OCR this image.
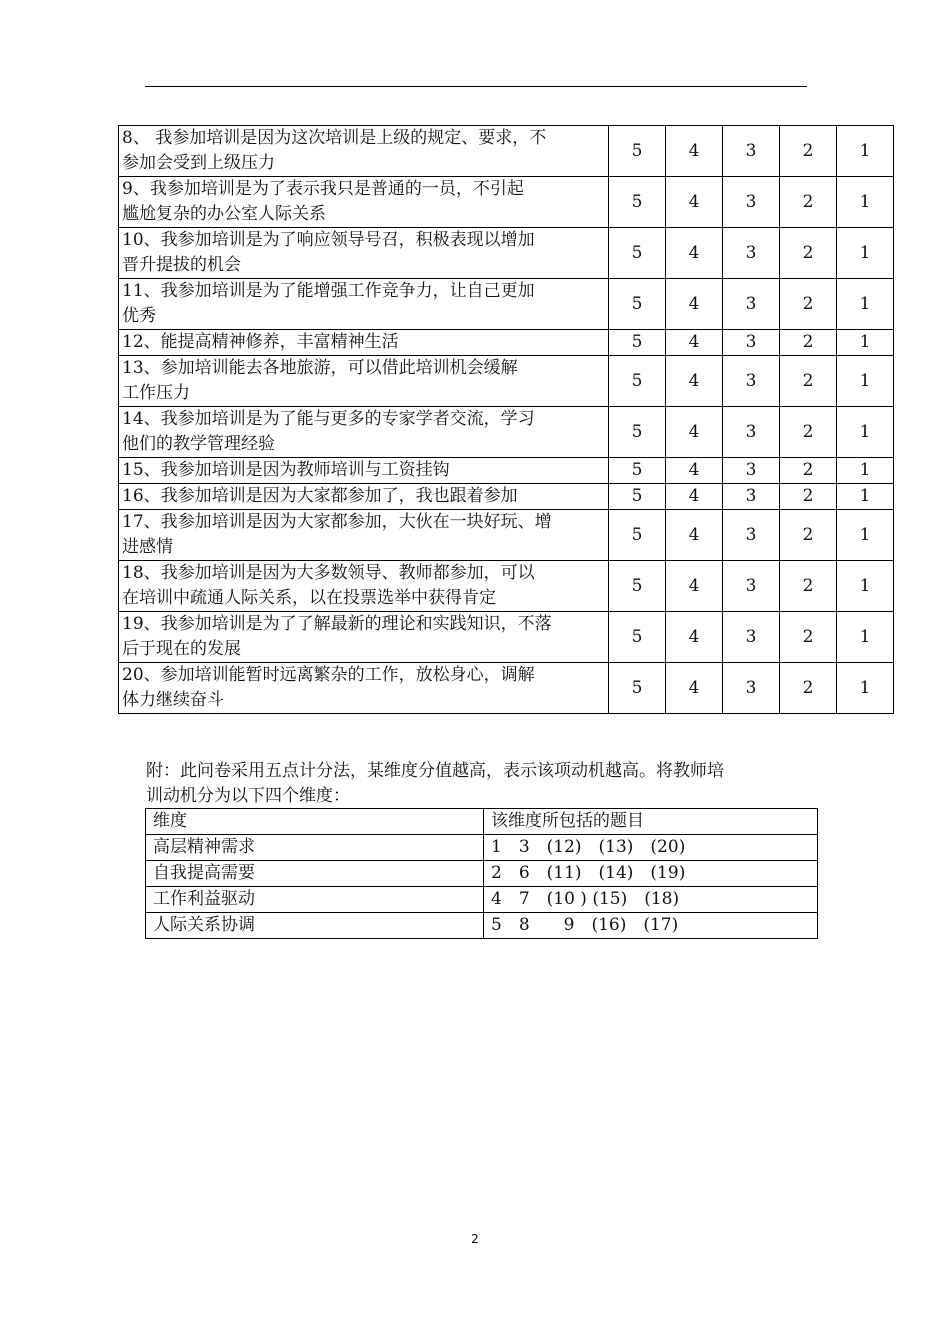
8、 我参加培训是因为这次培训是上级的规定、要求，不
参加会受到上级压力	5	4	3	2	1

9、我参加培训是为了表示我只是普通的一员，不引起
尴尬复杂的办公室人际关系	5	4	3	2	1

10、我参加培训是为了响应领导号召，积极表现以增加
晋升提拔的机会	5	4	3	2	1

11、我参加培训是为了能增强工作竞争力，让自己更加
优秀	5	4	3	2	1

12、能提高精神修养，丰富精神生活	5	4	3	2	1

13、参加培训能去各地旅游，可以借此培训机会缓解
工作压力	5	4	3	2	1

14、我参加培训是为了能与更多的专家学者交流，学习
他们的教学管理经验	5	4	3	2	1

15、我参加培训是因为教师培训与工资挂钩	5	4	3	2	1

16、我参加培训是因为大家都参加了，我也跟着参加	5	4	3	2	1

17、我参加培训是因为大家都参加，大伙在一块好玩、增
进感情	5	4	3	2	1

18、我参加培训是因为大多数领导、教师都参加，可以
在培训中疏通人际关系，以在投票选举中获得肯定	5	4	3	2	1

19、我参加培训是为了了解最新的理论和实践知识，不落
后于现在的发展	5	4	3	2	1

20、参加培训能暂时远离繁杂的工作，放松身心，调解
体力继续奋斗	5	4	3	2	1
附：此问卷采用五点计分法，某维度分值越高，表示该项动机越高。将教师培
训动机分为以下四个维度：
维度	该维度所包括的题目
高层精神需求	1　3　(12)　(13)　(20)
自我提高需要	2　6　(11)　(14)　(19)
工作利益驱动	4　7　(10 ) (15)　(18)
人际关系协调	5　8　　9　(16)　(17)
2
